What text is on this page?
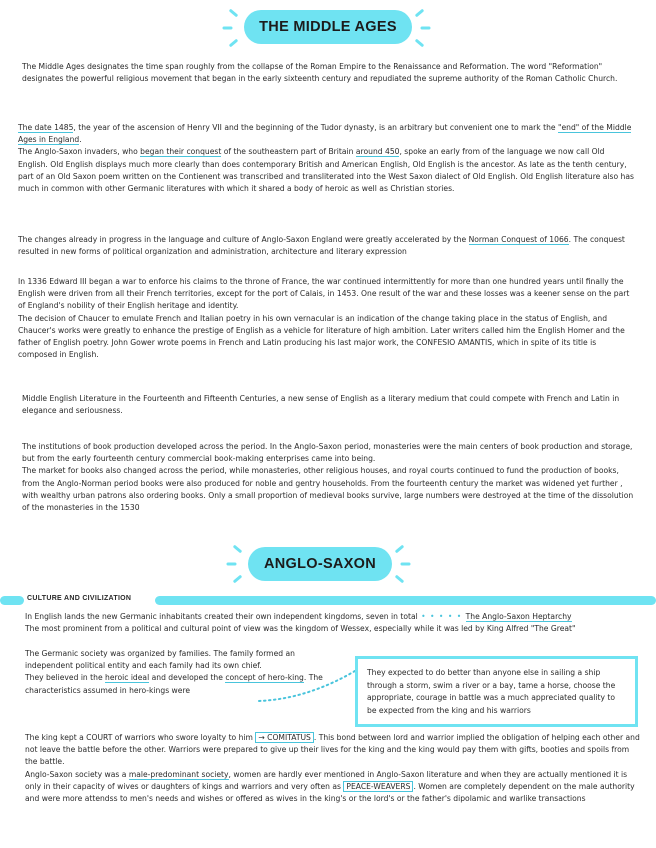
THE MIDDLE AGES

The Middle Ages designates the time span roughly from the collapse of the Roman Empire to the Renaissance and Reformation. The word "Reformation" designates the powerful religious movement that began in the early sixteenth century and repudiated the supreme authority of the Roman Catholic Church.

The date 1485, the year of the ascension of Henry VII and the beginning of the Tudor dynasty, is an arbitrary but convenient one to mark the "end" of the Middle Ages in England.

The Anglo-Saxon invaders, who began their conquest of the southeastern part of Britain around 450, spoke an early from of the language we now call Old English. Old English displays much more clearly than does contemporary British and American English, Old English is the ancestor. As late as the tenth century, part of an Old Saxon poem written on the Contienent was transcribed and transliterated into the West Saxon dialect of Old English. Old English literature also has much in common with other Germanic literatures with which it shared a body of heroic as well as Christian stories.

The changes already in progress in the language and culture of Anglo-Saxon England were greatly accelerated by the Norman Conquest of 1066. The conquest resulted in new forms of political organization and administration, architecture and literary expression

In 1336 Edward III began a war to enforce his claims to the throne of France, the war continued intermittently for more than one hundred years until finally the English were driven from all their French territories, except for the port of Calais, in 1453. One result of the war and these losses was a keener sense on the part of England's nobility of their English heritage and identity.

The decision of Chaucer to emulate French and Italian poetry in his own vernacular is an indication of the change taking place in the status of English, and Chaucer's works were greatly to enhance the prestige of English as a vehicle for literature of high ambition. Later writers called him the English Homer and the father of English poetry. John Gower wrote poems in French and Latin producing his last major work, the CONFESIO AMANTIS, which in spite of its title is composed in English.

Middle English Literature in the Fourteenth and Fifteenth Centuries, a new sense of English as a literary medium that could compete with French and Latin in elegance and seriousness.

The institutions of book production developed across the period. In the Anglo-Saxon period, monasteries were the main centers of book production and storage, but from the early fourteenth century commercial book-making enterprises came into being.

The market for books also changed across the period, while monasteries, other religious houses, and royal courts continued to fund the production of books, from the Anglo-Norman period books were also produced for noble and gentry households. From the fourteenth century the market was widened yet further , with wealthy urban patrons also ordering books. Only a small proportion of medieval books survive, large numbers were destroyed at the time of the dissolution of the monasteries in the 1530

ANGLO-SAXON
CULTURE AND CIVILIZATION

In English lands the new Germanic inhabitants created their own independent kingdoms, seven in total • • • • • The Anglo-Saxon Heptarchy

The most prominent from a political and cultural point of view was the kingdom of Wessex, especially while it was led by King Alfred "The Great"

The Germanic society was organized by families. The family formed an independent political entity and each family had its own chief.

They believed in the heroic ideal and developed the concept of hero-king. The characteristics assumed in hero-kings were

They expected to do better than anyone else in sailing a ship through a storm, swim a river or a bay, tame a horse, choose the appropriate, courage in battle was a much appreciated quality to be expected from the king and his warriors

The king kept a COURT of warriors who swore loyalty to him → COMITATUS . This bond between lord and warrior implied the obligation of helping each other and not leave the battle before the other. Warriors were prepared to give up their lives for the king and the king would pay them with gifts, booties and spoils from the battle.

Anglo-Saxon society was a male-predominant society, women are hardly ever mentioned in Anglo-Saxon literature and when they are actually mentioned it is only in their capacity of wives or daughters of kings and warriors and very often as PEACE-WEAVERS . Women are completely dependent on the male authority and were more attendss to men's needs and wishes or offered as wives in the king's or the lord's or the father's dipolamic and warlike transactions
